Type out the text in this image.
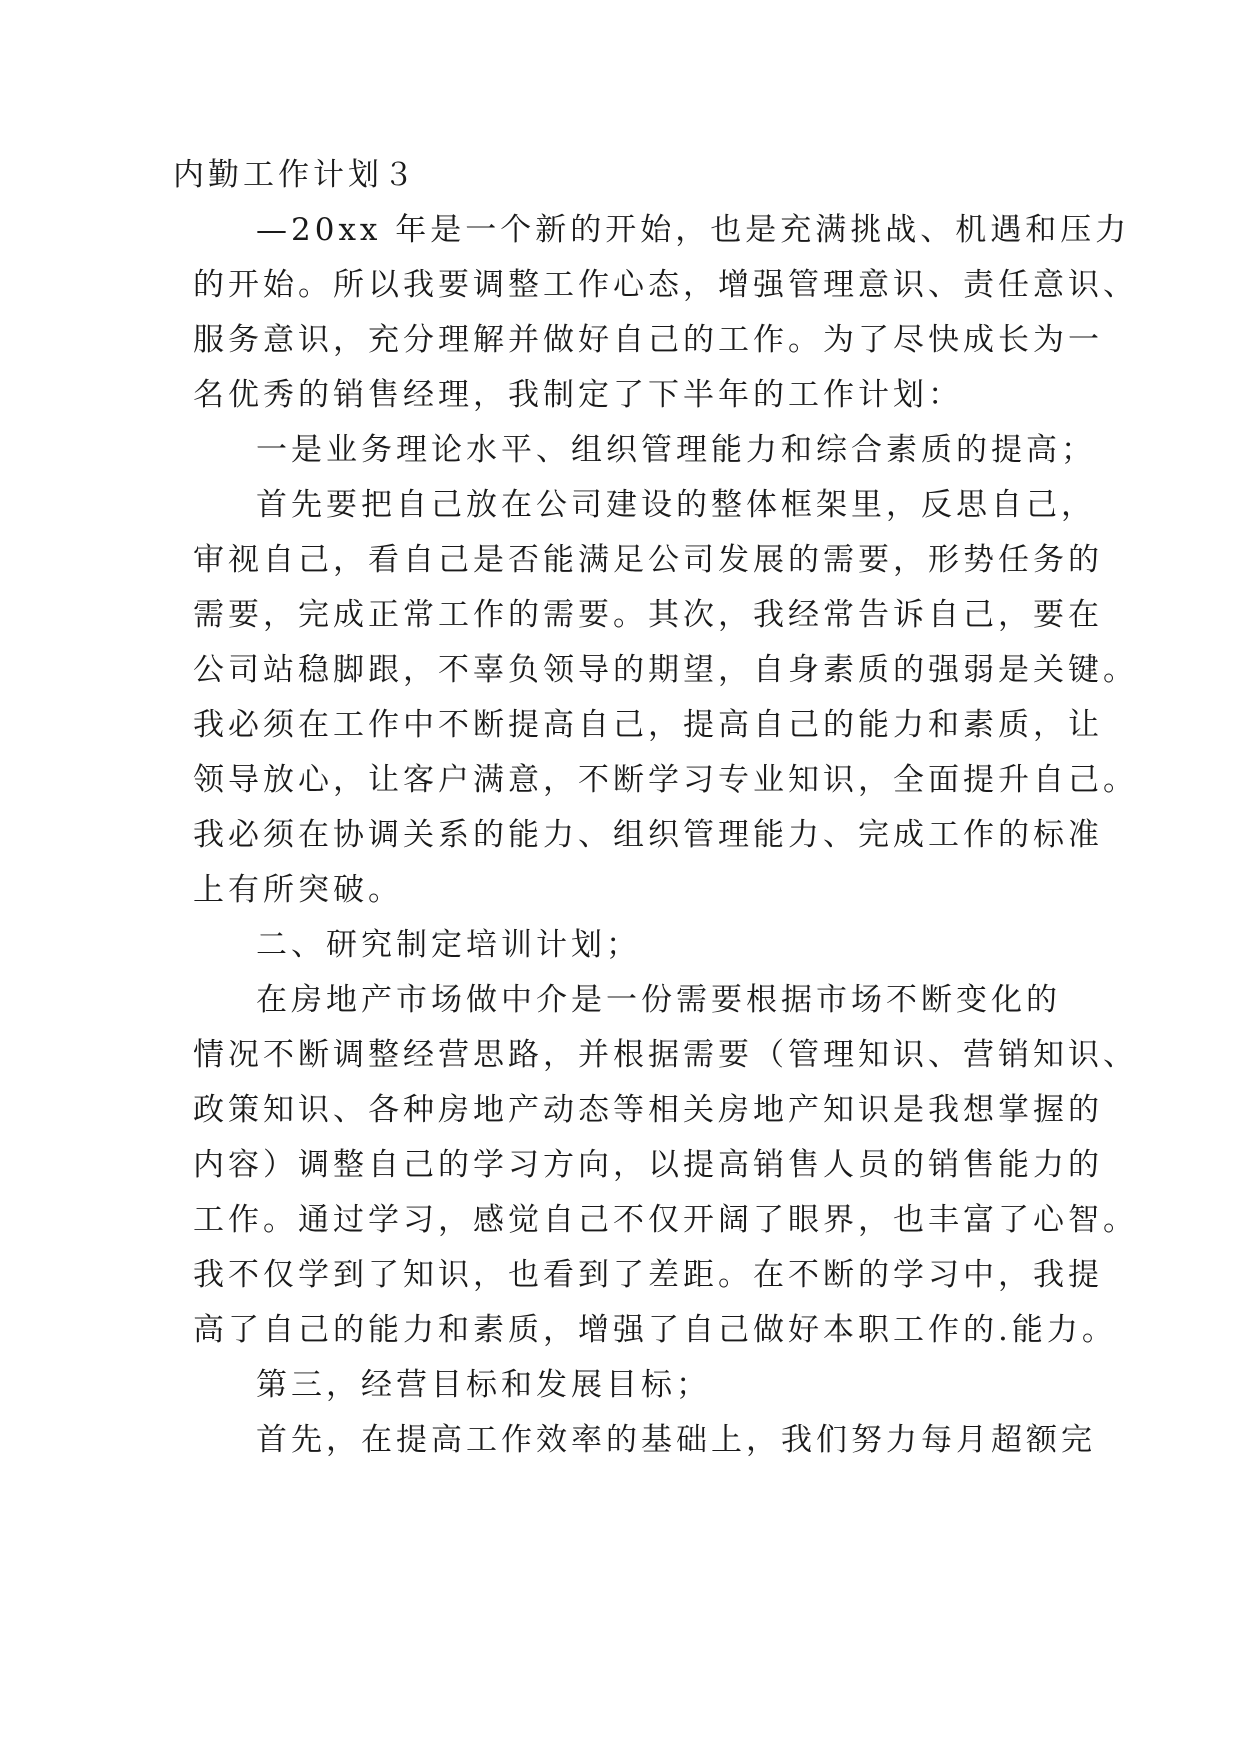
内勤工作计划３
—20xx 年是一个新的开始，也是充满挑战、机遇和压力
的开始。所以我要调整工作心态，增强管理意识、责任意识、
服务意识，充分理解并做好自己的工作。为了尽快成长为一
名优秀的销售经理，我制定了下半年的工作计划：
一是业务理论水平、组织管理能力和综合素质的提高；
首先要把自己放在公司建设的整体框架里，反思自己，
审视自己，看自己是否能满足公司发展的需要，形势任务的
需要，完成正常工作的需要。其次，我经常告诉自己，要在
公司站稳脚跟，不辜负领导的期望，自身素质的强弱是关键。
我必须在工作中不断提高自己，提高自己的能力和素质，让
领导放心，让客户满意，不断学习专业知识，全面提升自己。
我必须在协调关系的能力、组织管理能力、完成工作的标准
上有所突破。
二、研究制定培训计划；
在房地产市场做中介是一份需要根据市场不断变化的
情况不断调整经营思路，并根据需要（管理知识、营销知识、
政策知识、各种房地产动态等相关房地产知识是我想掌握的
内容）调整自己的学习方向，以提高销售人员的销售能力的
工作。通过学习，感觉自己不仅开阔了眼界，也丰富了心智。
我不仅学到了知识，也看到了差距。在不断的学习中，我提
高了自己的能力和素质，增强了自己做好本职工作的.能力。
第三，经营目标和发展目标；
首先，在提高工作效率的基础上，我们努力每月超额完
